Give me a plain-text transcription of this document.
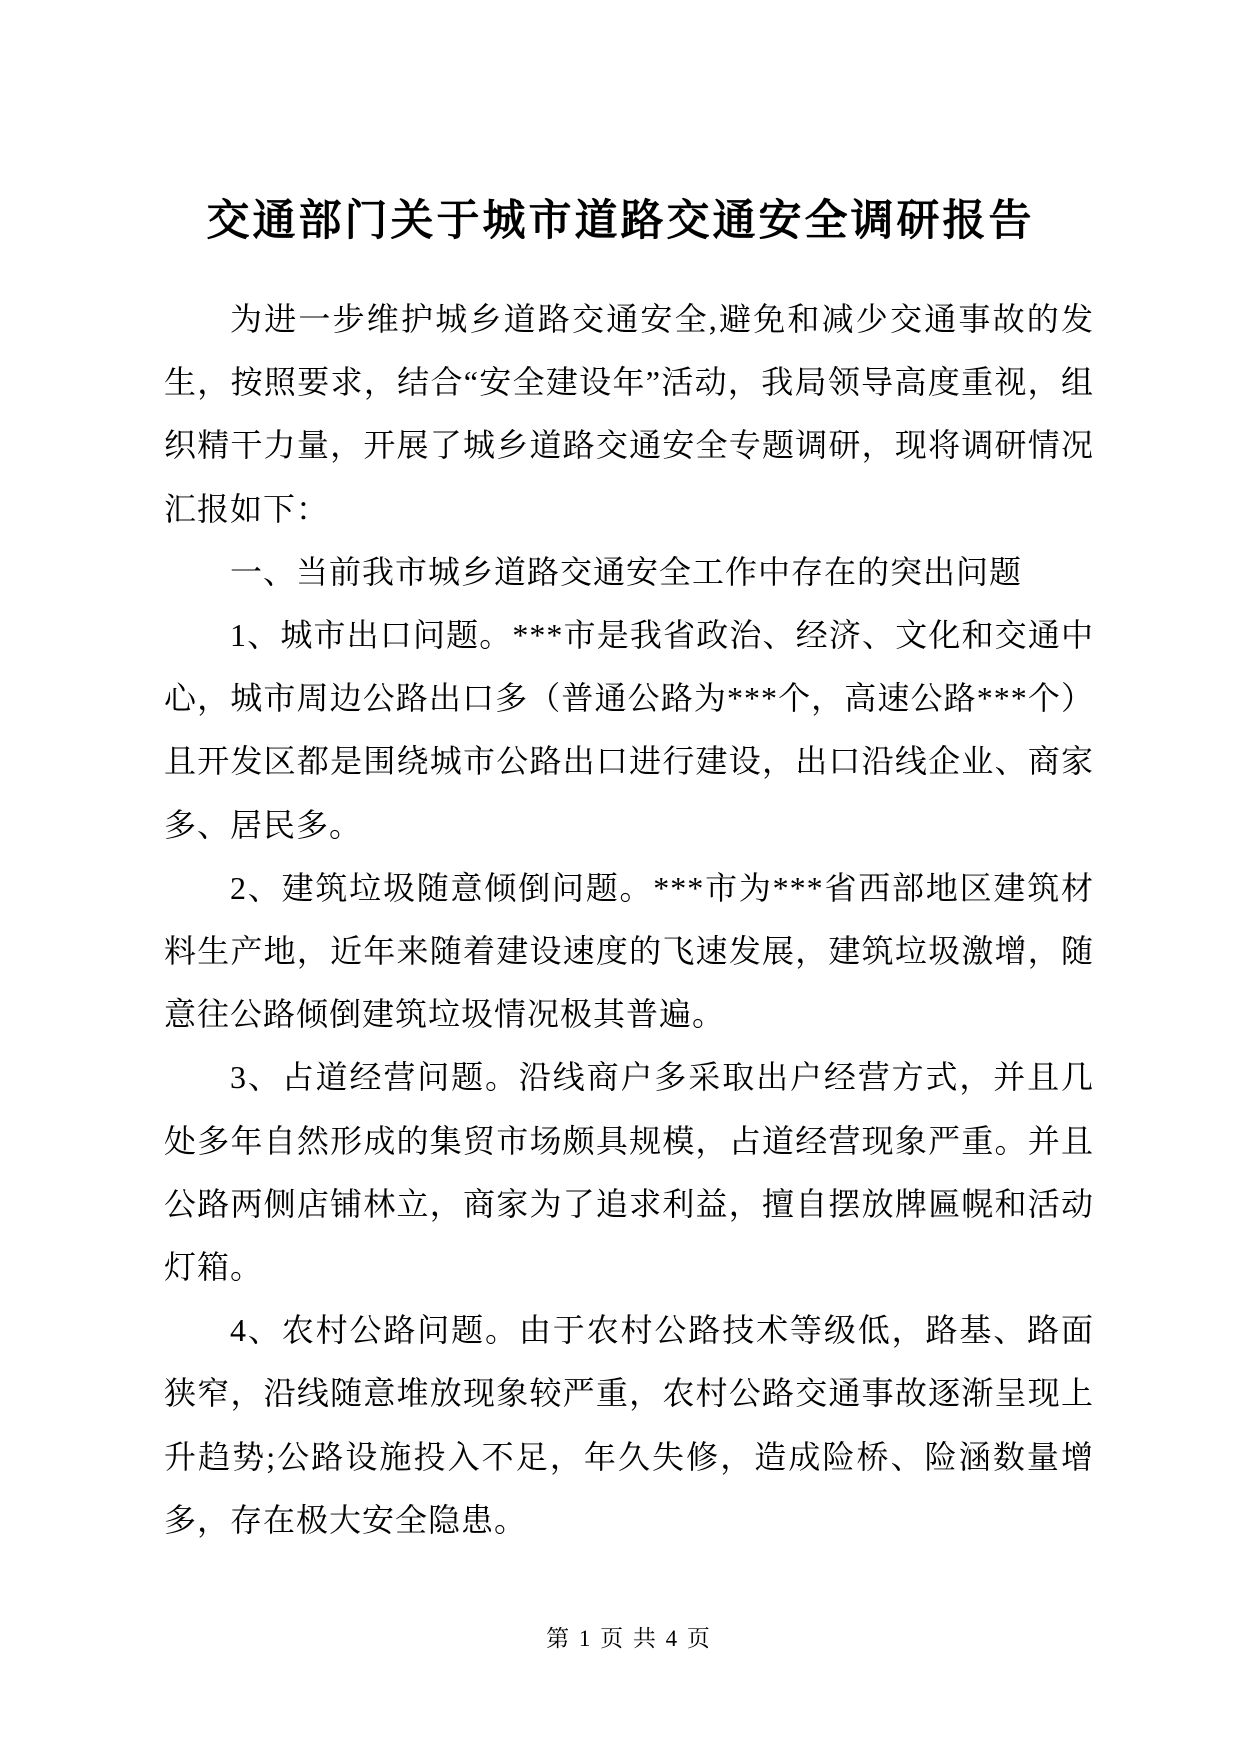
交通部门关于城市道路交通安全调研报告

为进一步维护城乡道路交通安全,避免和减少交通事故的发生，按照要求，结合“安全建设年”活动，我局领导高度重视，组织精干力量，开展了城乡道路交通安全专题调研，现将调研情况汇报如下：

一、当前我市城乡道路交通安全工作中存在的突出问题

1、城市出口问题。***市是我省政治、经济、文化和交通中心，城市周边公路出口多（普通公路为***个，高速公路***个）且开发区都是围绕城市公路出口进行建设，出口沿线企业、商家多、居民多。

2、建筑垃圾随意倾倒问题。***市为***省西部地区建筑材料生产地，近年来随着建设速度的飞速发展，建筑垃圾激增，随意往公路倾倒建筑垃圾情况极其普遍。

3、占道经营问题。沿线商户多采取出户经营方式，并且几处多年自然形成的集贸市场颇具规模，占道经营现象严重。并且公路两侧店铺林立，商家为了追求利益，擅自摆放牌匾幌和活动灯箱。

4、农村公路问题。由于农村公路技术等级低，路基、路面狭窄，沿线随意堆放现象较严重，农村公路交通事故逐渐呈现上升趋势;公路设施投入不足，年久失修，造成险桥、险涵数量增多，存在极大安全隐患。

第 1 页 共 4 页
